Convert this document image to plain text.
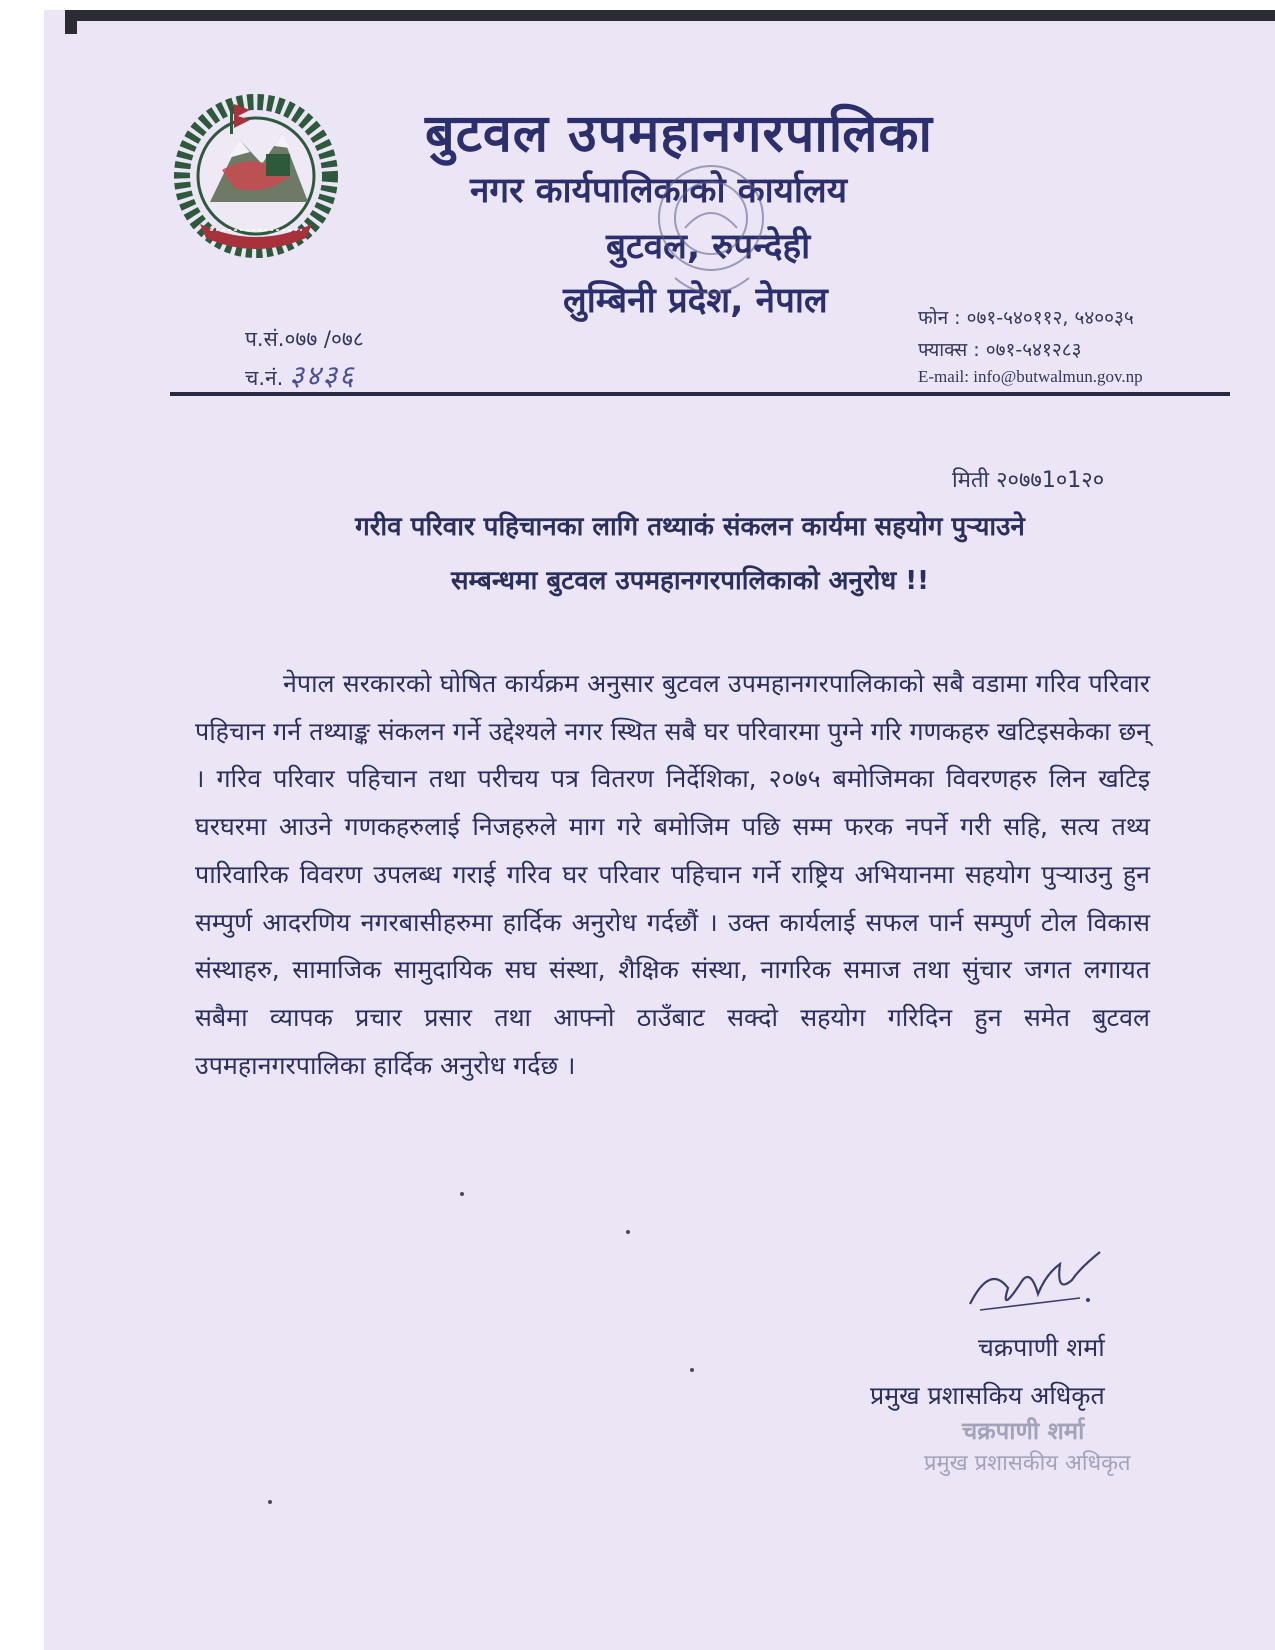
बुटवल उपमहानगरपालिका
नगर कार्यपालिकाको कार्यालय
बुटवल, रुपन्देही
लुम्बिनी प्रदेश, नेपाल
प.सं.०७७ /०७८
च.नं. ३४३६
फोन : ०७१-५४०११२, ५४००३५
फ्याक्स : ०७१-५४१२८३
E-mail: info@butwalmun.gov.np
मिती २०७७1०1२०
गरीव परिवार पहिचानका लागि तथ्याकं संकलन कार्यमा सहयोग पुर्‍याउने
सम्बन्धमा बुटवल उपमहानगरपालिकाको अनुरोध !!
नेपाल सरकारको घोषित कार्यक्रम अनुसार बुटवल उपमहानगरपालिकाको सबै वडामा गरिव परिवार पहिचान गर्न तथ्याङ्क संकलन गर्ने उद्देश्यले नगर स्थित सबै घर परिवारमा पुग्ने गरि गणकहरु खटिइसकेका छन् । गरिव परिवार पहिचान तथा परीचय पत्र वितरण निर्देशिका, २०७५ बमोजिमका विवरणहरु लिन खटिइ घरघरमा आउने गणकहरुलाई निजहरुले माग गरे बमोजिम पछि सम्म फरक नपर्ने गरी सहि, सत्य तथ्य पारिवारिक विवरण उपलब्ध गराई गरिव घर परिवार पहिचान गर्ने राष्ट्रिय अभियानमा सहयोग पुर्‍याउनु हुन सम्पुर्ण आदरणिय नगरबासीहरुमा हार्दिक अनुरोध गर्दछौं । उक्त कार्यलाई सफल पार्न सम्पुर्ण टोल विकास संस्थाहरु, सामाजिक सामुदायिक सघ संस्था, शैक्षिक संस्था, नागरिक समाज तथा सुंचार जगत लगायत सबैमा व्यापक प्रचार प्रसार तथा आफ्नो ठाउँबाट सक्दो सहयोग गरिदिन हुन समेत बुटवल उपमहानगरपालिका हार्दिक अनुरोध गर्दछ ।
चक्रपाणी शर्मा
प्रमुख प्रशासकिय अधिकृत
चक्रपाणी शर्मा
प्रमुख प्रशासकीय अधिकृत
